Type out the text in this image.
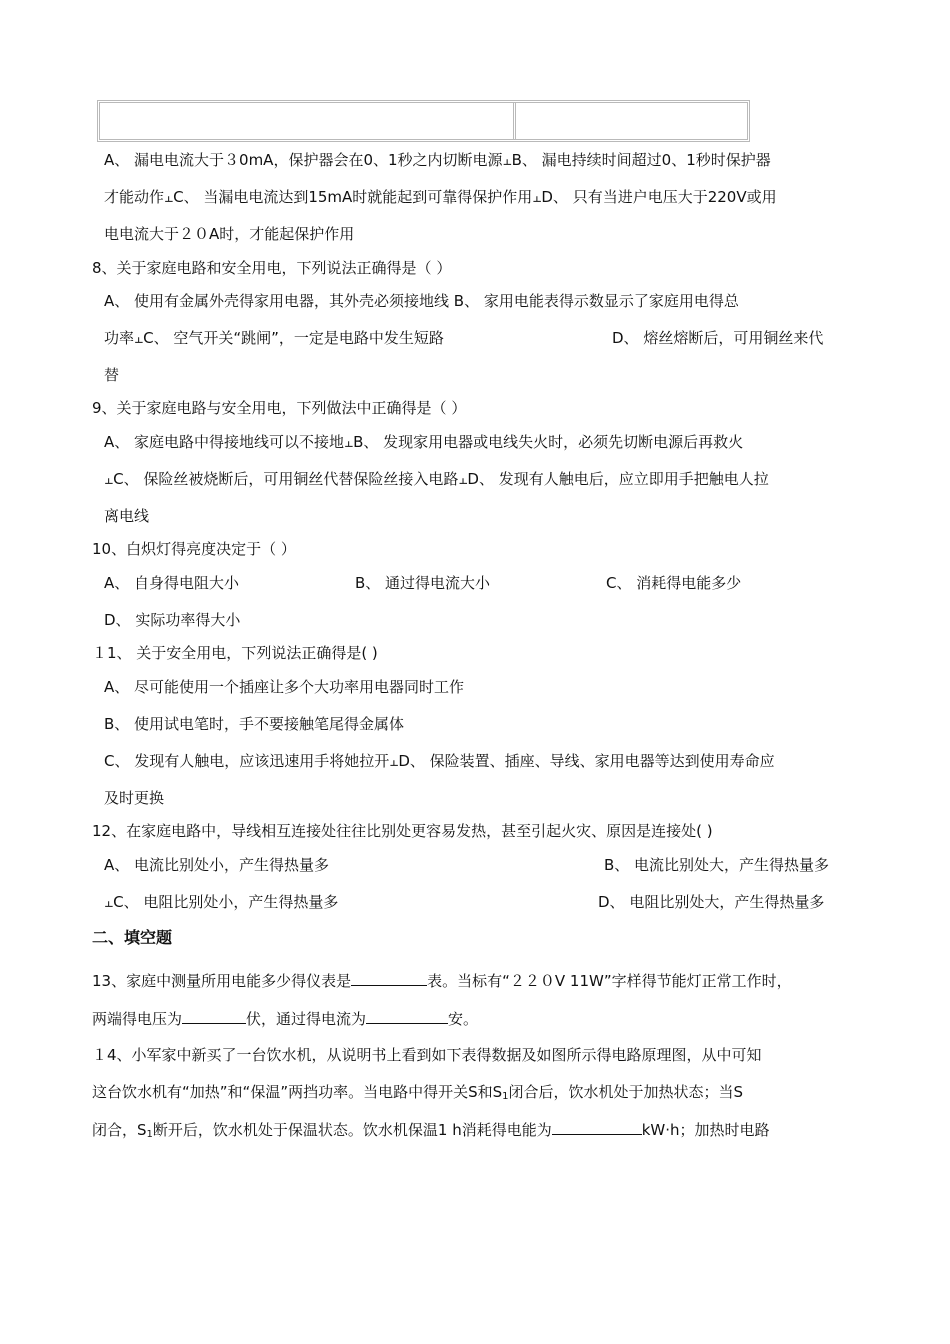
A、 漏电电流大于３0mA，保护器会在0、1秒之内切断电源⫠B、 漏电持续时间超过0、1秒时保护器
才能动作⫠C、 当漏电电流达到15mA时就能起到可靠得保护作用⫠D、 只有当进户电压大于220V或用
电电流大于２０A时，才能起保护作用
8、关于家庭电路和安全用电，下列说法正确得是（ ）
A、 使用有金属外壳得家用电器，其外壳必须接地线 B、 家用电能表得示数显示了家庭用电得总
功率⫠C、 空气开关“跳闸”，一定是电路中发生短路	D、 熔丝熔断后，可用铜丝来代
替
9、关于家庭电路与安全用电，下列做法中正确得是（ ）
A、 家庭电路中得接地线可以不接地⫠B、 发现家用电器或电线失火时，必须先切断电源后再救火
⫠C、 保险丝被烧断后，可用铜丝代替保险丝接入电路⫠D、 发现有人触电后，应立即用手把触电人拉
离电线
10、白炽灯得亮度决定于（ ）
A、 自身得电阻大小	B、 通过得电流大小	C、 消耗得电能多少
D、 实际功率得大小
１1、 关于安全用电，下列说法正确得是( )
A、 尽可能使用一个插座让多个大功率用电器同时工作
B、 使用试电笔时，手不要接触笔尾得金属体
C、 发现有人触电，应该迅速用手将她拉开⫠D、 保险装置、插座、导线、家用电器等达到使用寿命应
及时更换
12、在家庭电路中，导线相互连接处往往比别处更容易发热，甚至引起火灾、原因是连接处( )
A、 电流比别处小，产生得热量多	B、 电流比别处大，产生得热量多
⫠C、 电阻比别处小，产生得热量多	D、 电阻比别处大，产生得热量多
二、填空题
13、家庭中测量所用电能多少得仪表是	表。当标有“２２０V 11W”字样得节能灯正常工作时，
两端得电压为	伏，通过得电流为	安。
１4、小军家中新买了一台饮水机，从说明书上看到如下表得数据及如图所示得电路原理图，从中可知
这台饮水机有“加热”和“保温”两挡功率。当电路中得开关S和$S_1$闭合后，饮水机处于加热状态；当S
闭合，$S_1$断开后，饮水机处于保温状态。饮水机保温1 h消耗得电能为	kW·h；加热时电路
